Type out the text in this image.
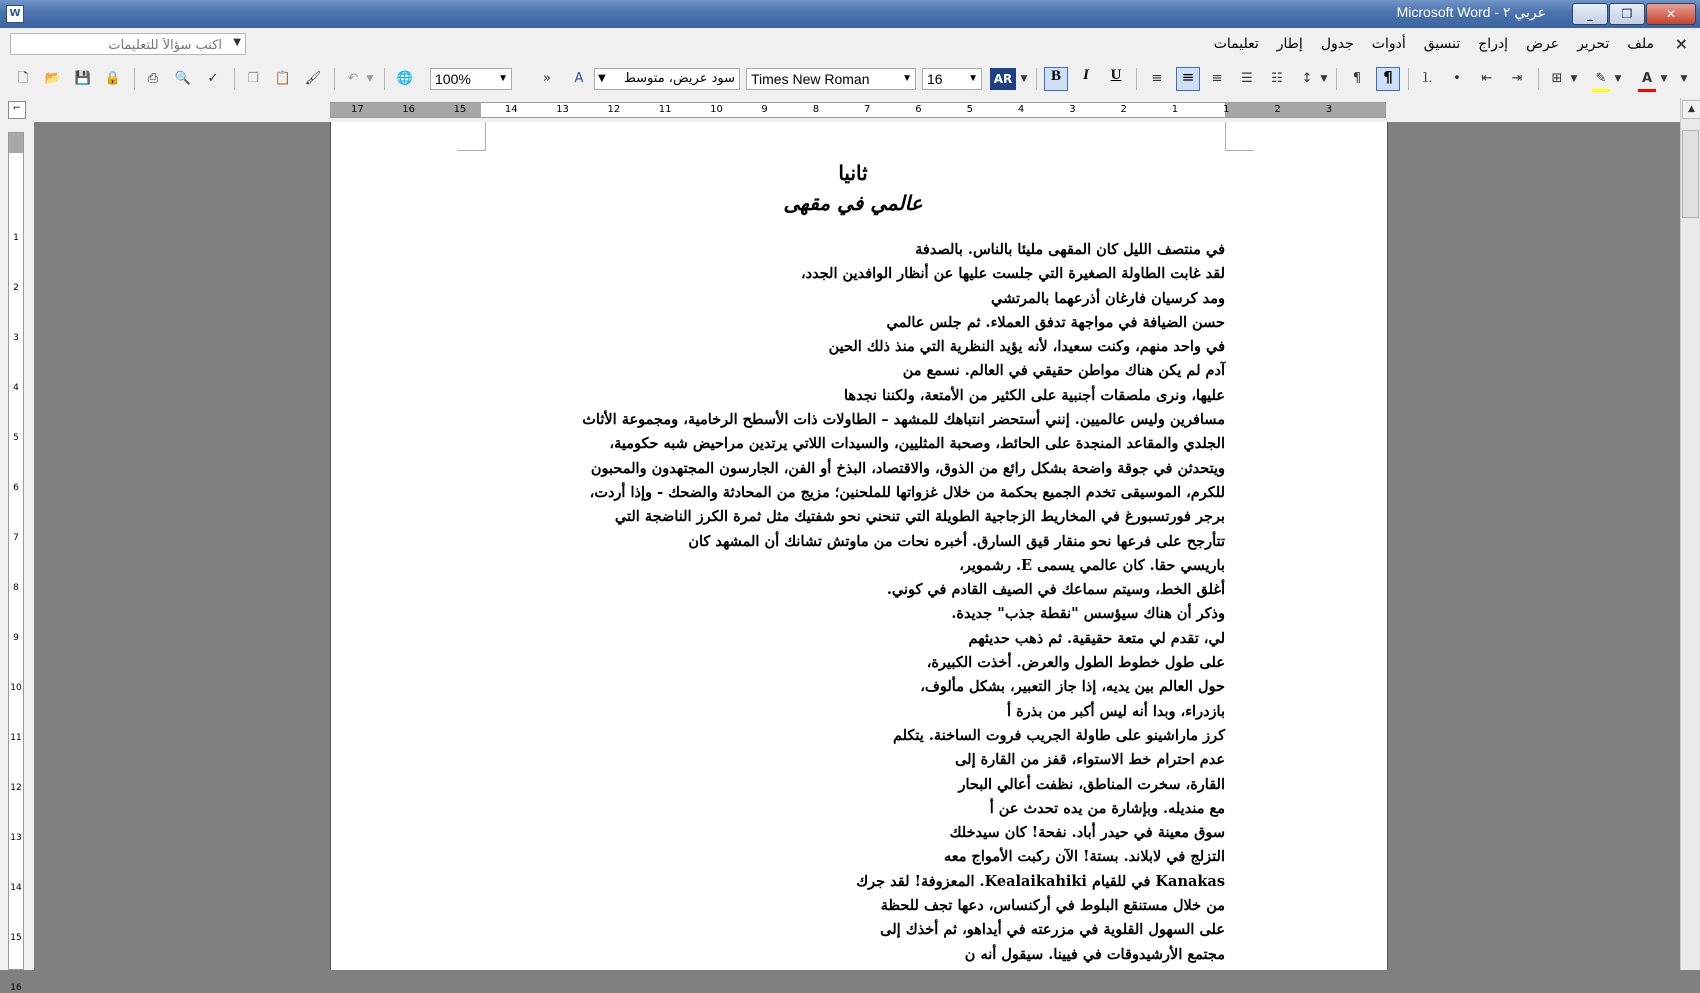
W	عربي ٢ - Microsoft Word	_	❐	✕
اكتب سؤالاً للتعليمات
▼	ملف
تحرير
عرض
إدراج
تنسيق
أدوات
جدول
إطار
تعليمات	×
🗋	📂 💾 🔒	⎙	🔍	✓	❐	📋 🖌	↶ ▼ 🌐	100%	▼	»	A	سود عريض، متوسط
▼	Times New Roman	▼	16	▼	AR ▼	B	I	U	≡	≡	≡	☰	☷	↕ ▼	¶	¶	⒈	•	⇤	⇥	⊞ ▼	✎ ▼	A ▼ ▼
⌐	17	16	15	14	13	12	11	10	9	8	7	6	5	4	3	2	1	1	2	3
1
2
3
4
5
6
7
8
9
10
11
12
13
14
15
16
▲
ثانيا
عالمي في مقهى
في منتصف الليل كان المقهى مليئا بالناس. بالصدفة
لقد غابت الطاولة الصغيرة التي جلست عليها عن أنظار الوافدين الجدد،
ومد كرسيان فارغان أذرعهما بالمرتشي
حسن الضيافة في مواجهة تدفق العملاء. ثم جلس عالمي
في واحد منهم، وكنت سعيدا، لأنه يؤيد النظرية التي منذ ذلك الحين
آدم لم يكن هناك مواطن حقيقي في العالم. نسمع من
عليها، ونرى ملصقات أجنبية على الكثير من الأمتعة، ولكننا نجدها
مسافرين وليس عالميين. إنني أستحضر انتباهك للمشهد – الطاولات ذات الأسطح الرخامية، ومجموعة الأثاث
الجلدي والمقاعد المنجدة على الحائط، وصحبة المثليين، والسيدات اللاتي يرتدين مراحيض شبه حكومية،
ويتحدثن في جوقة واضحة بشكل رائع من الذوق، والاقتصاد، البذخ أو الفن، الجارسون المجتهدون والمحبون
للكرم، الموسيقى تخدم الجميع بحكمة من خلال غزواتها للملحنين؛ مزيج من المحادثة والضحك - وإذا أردت،
برجر فورتسبورغ في المخاريط الزجاجية الطويلة التي تنحني نحو شفتيك مثل ثمرة الكرز الناضجة التي
تتأرجح على فرعها نحو منقار قيق السارق. أخبره نحات من ماوتش تشانك أن المشهد كان
باريسي حقا. كان عالمي يسمى E. رشموير،
أغلق الخط، وسيتم سماعك في الصيف القادم في كوني.
وذكر أن هناك سيؤسس "نقطة جذب" جديدة.
لي، تقدم لي متعة حقيقية. ثم ذهب حديثهم
على طول خطوط الطول والعرض. أخذت الكبيرة،
حول العالم بين يديه، إذا جاز التعبير، بشكل مألوف،
بازدراء، وبدا أنه ليس أكبر من بذرة أ
كرز ماراشينو على طاولة الجريب فروت الساخنة. يتكلم
عدم احترام خط الاستواء، قفز من القارة إلى
القارة، سخرت المناطق، نظفت أعالي البحار
مع منديله. وبإشارة من يده تحدث عن أ
سوق معينة في حيدر أباد. نفحة! كان سيدخلك
التزلج في لابلاند. بستة! الآن ركبت الأمواج معه
Kanakas في للقيام Kealaikahiki. المعزوفة! لقد جرك
من خلال مستنقع البلوط في أركنساس، دعها تجف للحظة
على السهول القلوية في مزرعته في أيداهو، ثم أخذك إلى
مجتمع الأرشيدوقات في فيينا. سيقول أنه ن
